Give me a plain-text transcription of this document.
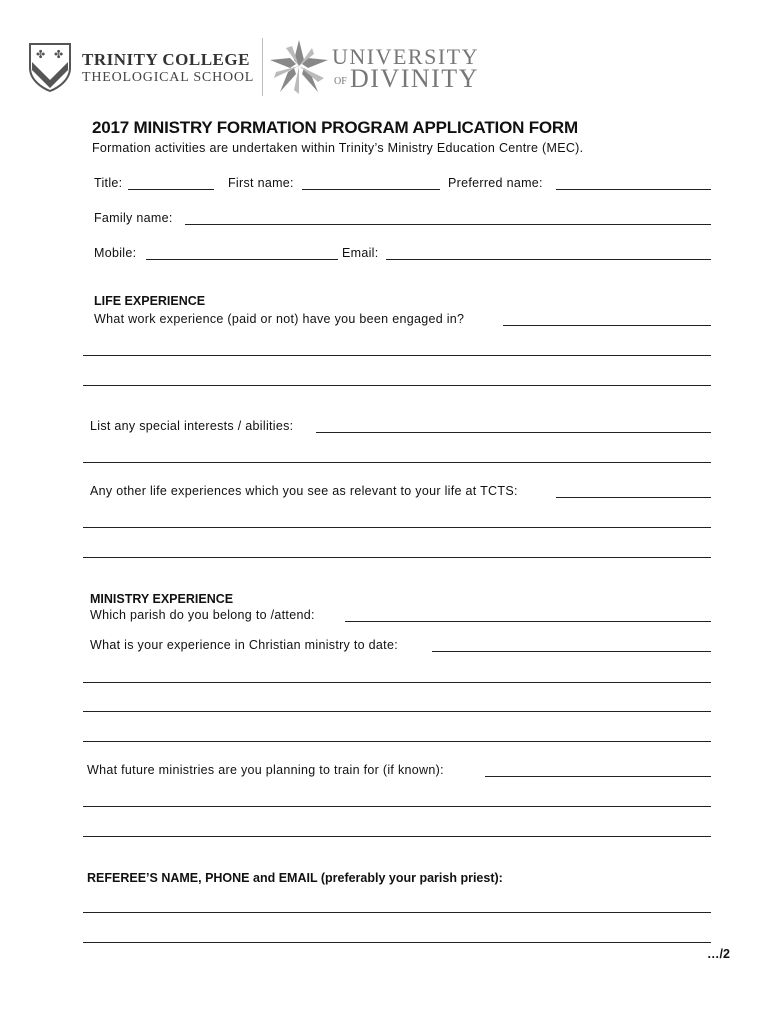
✤ ✤
✤
TRINITY COLLEGE
THEOLOGICAL SCHOOL
UNIVERSITY
OF DIVINITY
2017 MINISTRY FORMATION PROGRAM APPLICATION FORM
Formation activities are undertaken within Trinity’s Ministry Education Centre (MEC).
Title:	First name:	Preferred name:
Family name:
Mobile:	Email:
LIFE EXPERIENCE
What work experience (paid or not) have you been engaged in?
List any special interests / abilities:
Any other life experiences which you see as relevant to your life at TCTS:
MINISTRY EXPERIENCE
Which parish do you belong to /attend:
What is your experience in Christian ministry to date:
What future ministries are you planning to train for (if known):
REFEREE’S NAME, PHONE and EMAIL (preferably your parish priest):
…/2
